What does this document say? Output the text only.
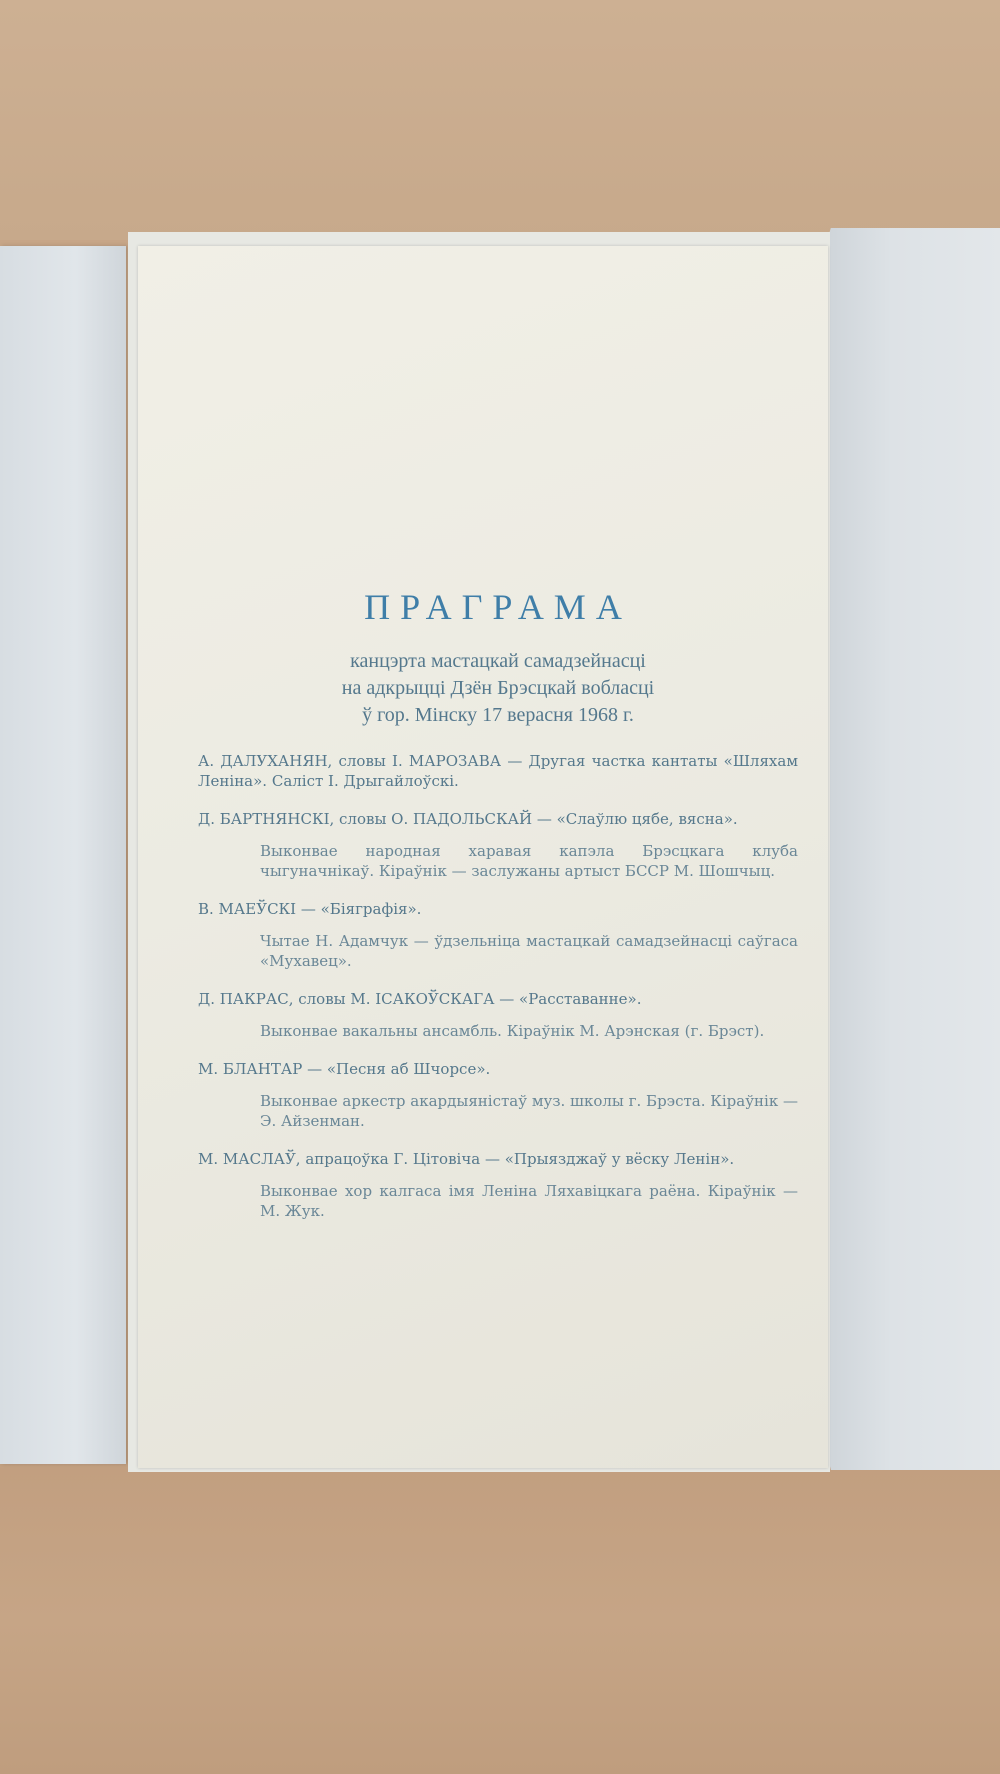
ПРАГРАМА
канцэрта мастацкай самадзейнасці
на адкрыцці Дзён Брэсцкай вобласці
ў гор. Мінску 17 верасня 1968 г.
А. ДАЛУХАНЯН, словы І. МАРОЗАВА — Другая частка кантаты «Шляхам Леніна». Саліст І. Дрыгайлоўскі.
Д. БАРТНЯНСКІ, словы О. ПАДОЛЬСКАЙ — «Слаўлю цябе, вясна».
Выконвае народная харавая капэла Брэсцкага клуба чыгуначнікаў. Кіраўнік — заслужаны артыст БССР М. Шошчыц.
В. МАЕЎСКІ — «Біяграфія».
Чытае Н. Адамчук — ўдзельніца мастацкай самадзейнасці саўгаса «Мухавец».
Д. ПАКРАС, словы М. ІСАКОЎСКАГА — «Расставанне».
Выконвае вакальны ансамбль. Кіраўнік М. Арэнская (г. Брэст).
М. БЛАНТАР — «Песня аб Шчорсе».
Выконвае аркестр акардыяністаў муз. школы г. Брэста. Кіраўнік — Э. Айзенман.
М. МАСЛАЎ, апрацоўка Г. Цітовіча — «Прыязджаў у вёску Ленін».
Выконвае хор калгаса імя Леніна Ляхавіцкага раёна. Кіраўнік — М. Жук.
